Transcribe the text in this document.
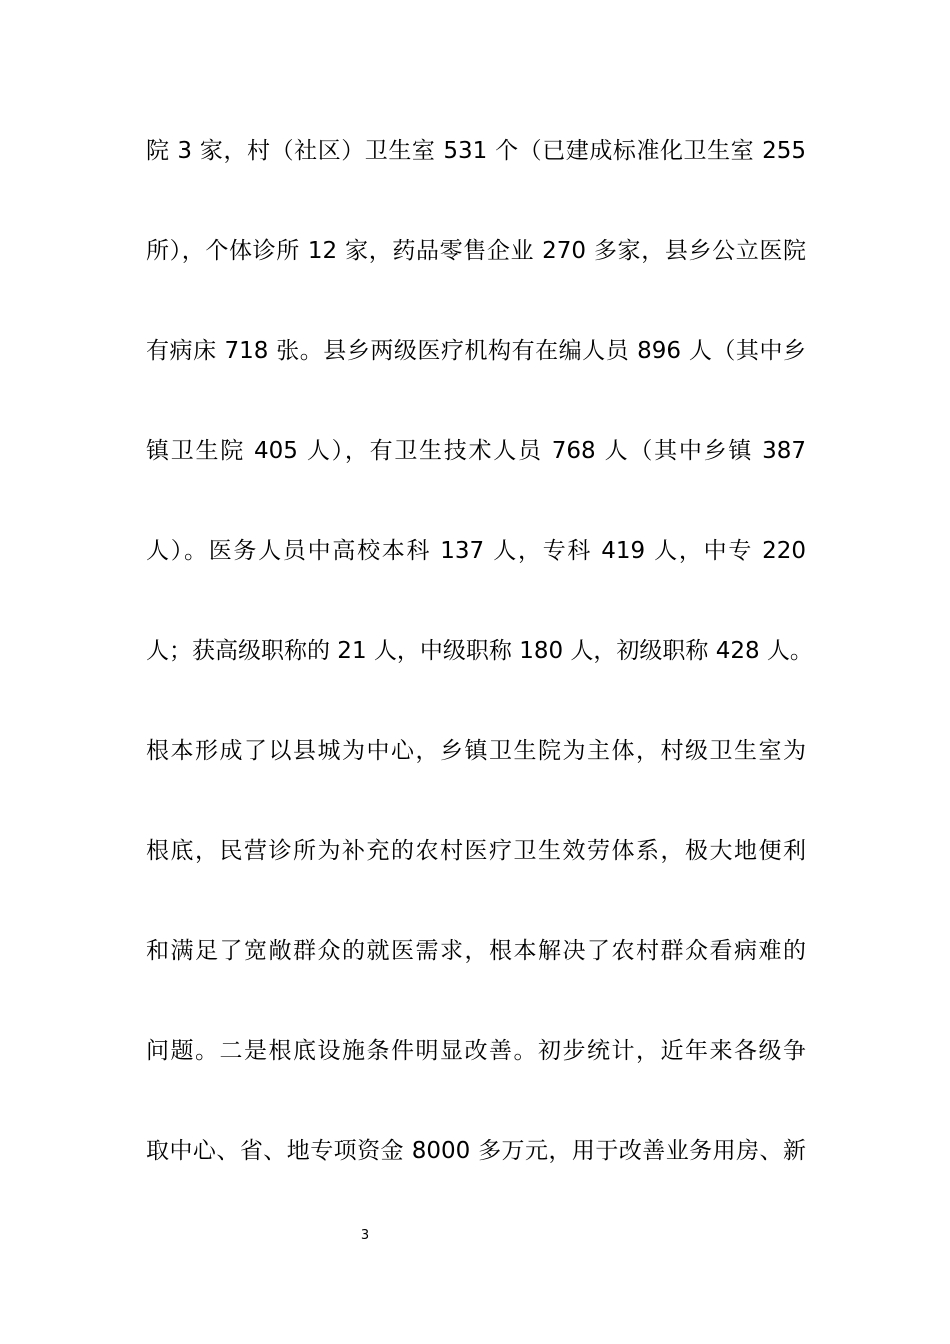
院 3 家，村（社区）卫生室 531 个（已建成标准化卫生室 255
所），个体诊所 12 家，药品零售企业 270 多家，县乡公立医院
有病床 718 张。县乡两级医疗机构有在编人员 896 人（其中乡
镇卫生院 405 人），有卫生技术人员 768 人（其中乡镇 387
人）。医务人员中高校本科 137 人，专科 419 人，中专 220
人；获高级职称的 21 人，中级职称 180 人，初级职称 428 人。
根本形成了以县城为中心，乡镇卫生院为主体，村级卫生室为
根底，民营诊所为补充的农村医疗卫生效劳体系，极大地便利
和满足了宽敞群众的就医需求，根本解决了农村群众看病难的
问题。二是根底设施条件明显改善。初步统计，近年来各级争
取中心、省、地专项资金 8000 多万元，用于改善业务用房、新
3
